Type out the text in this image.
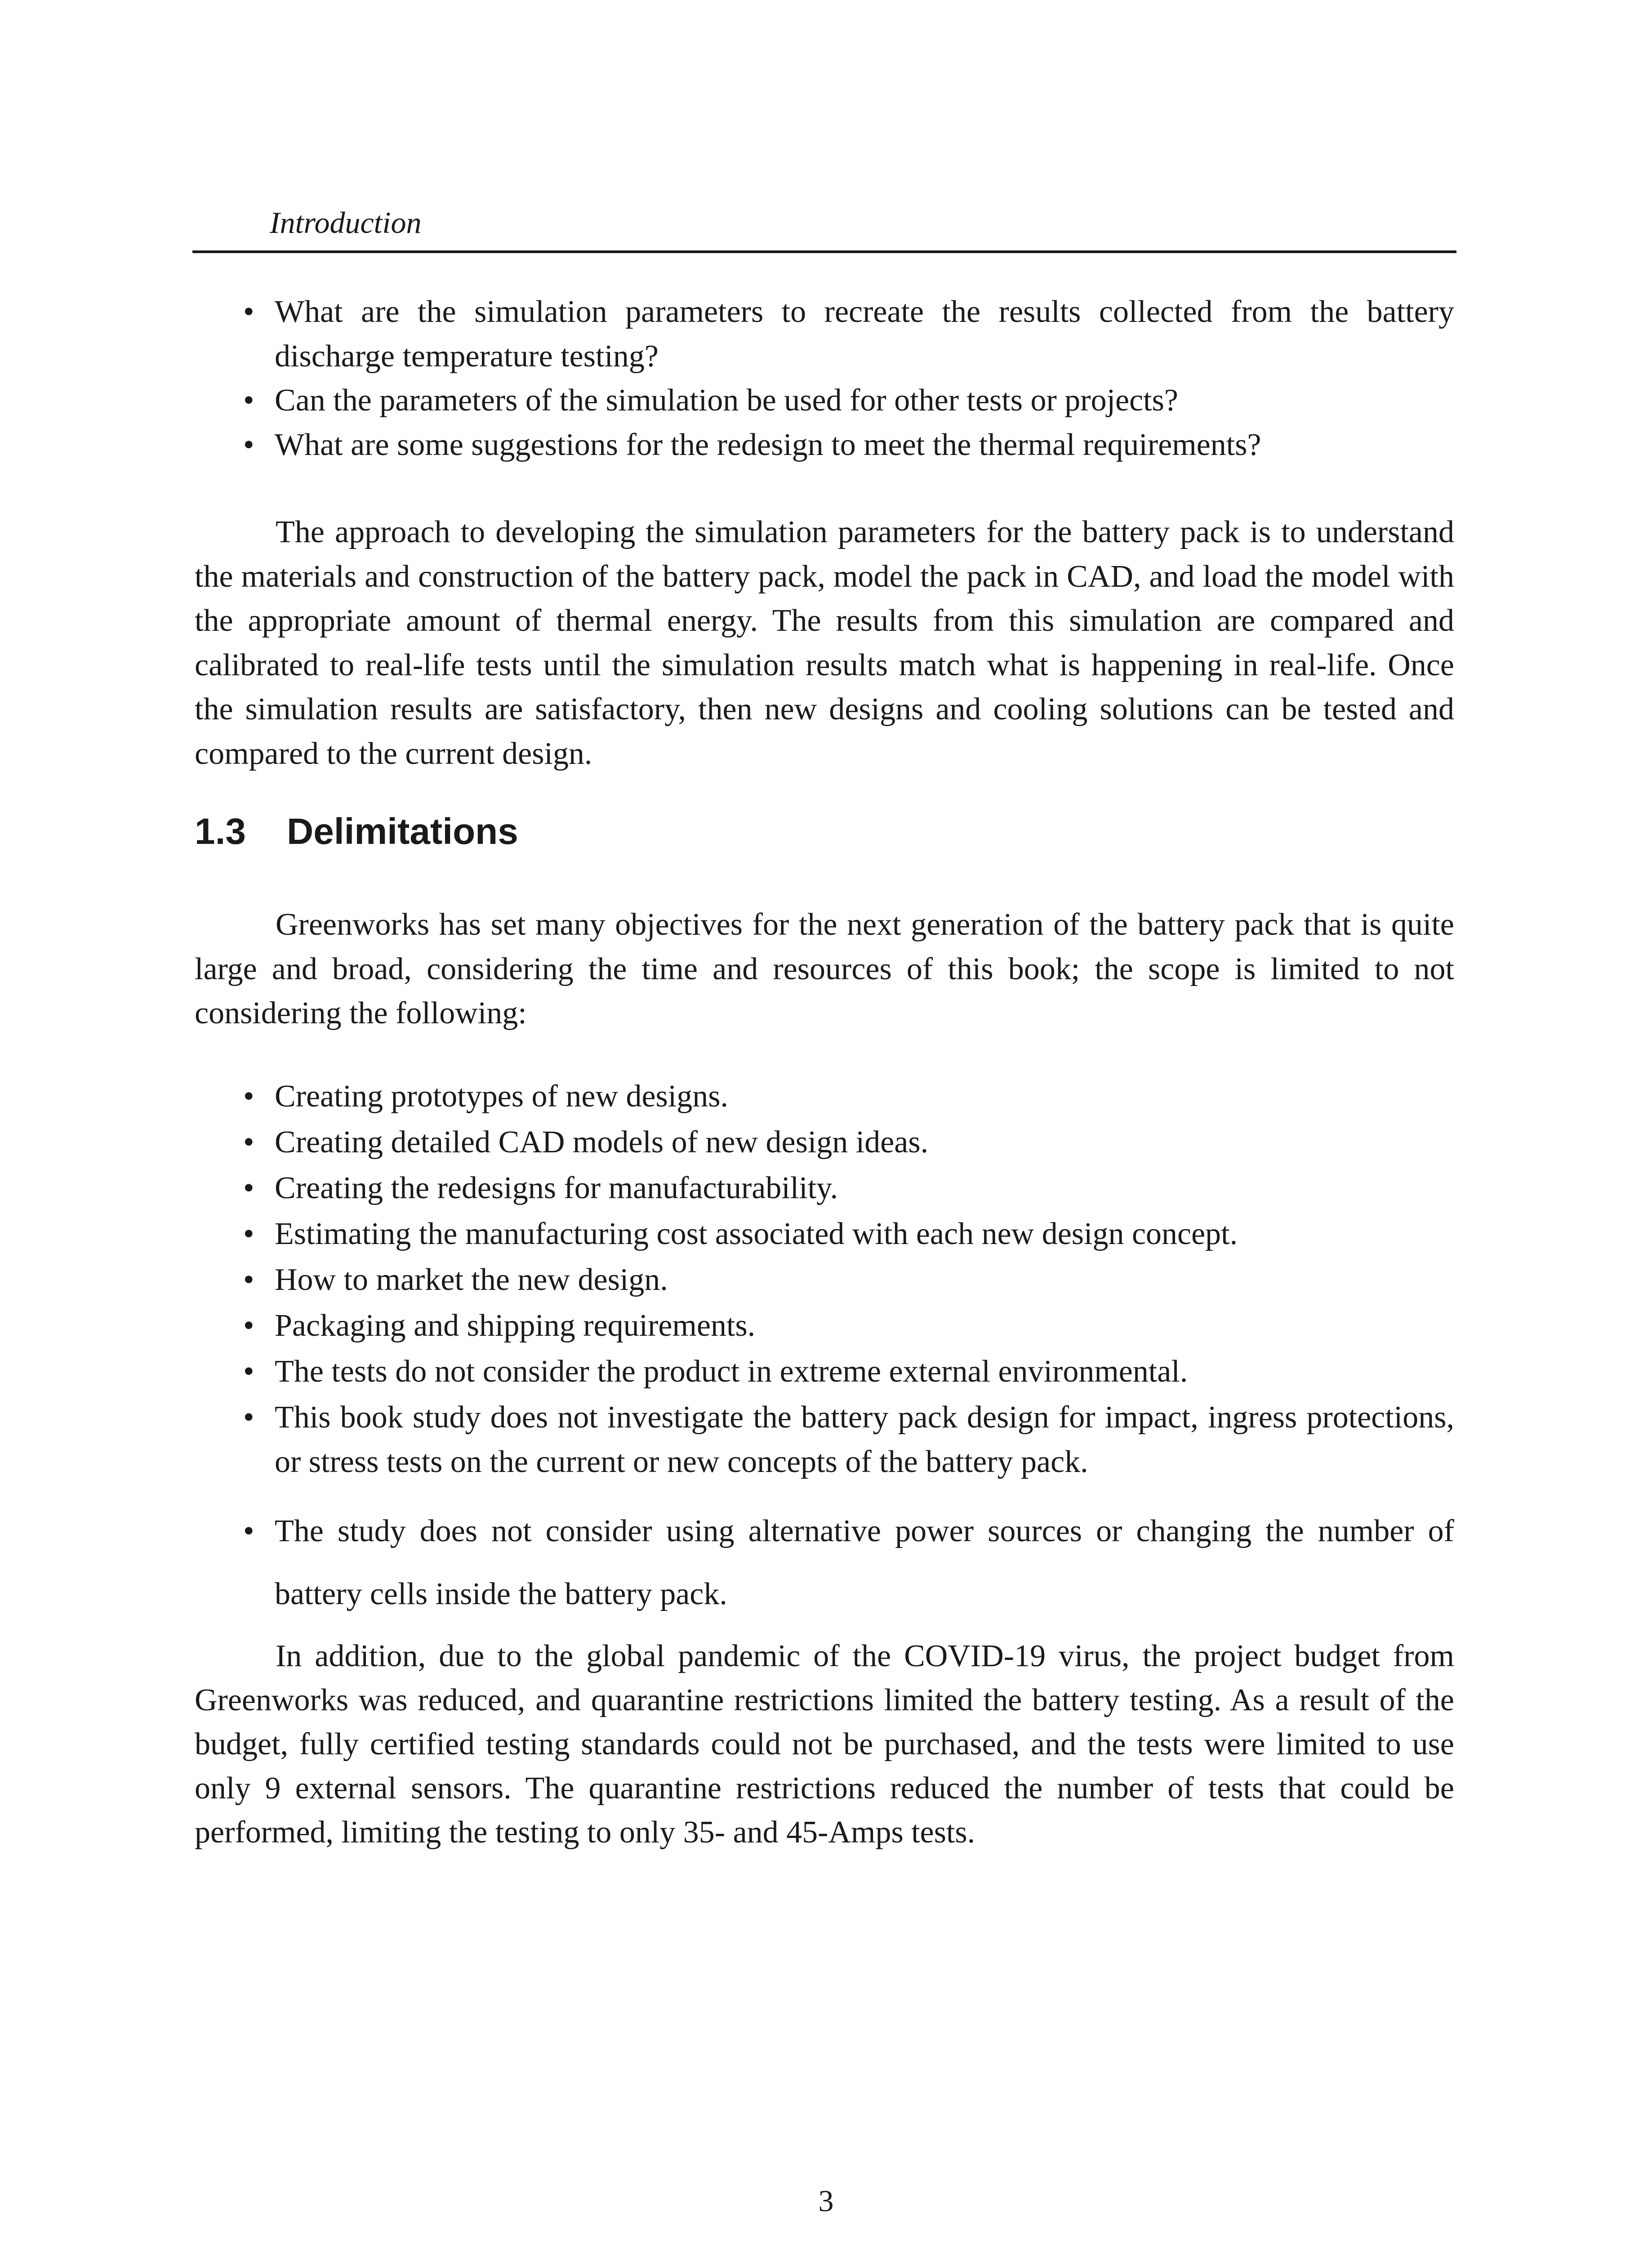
Introduction
• What are the simulation parameters to recreate the results collected from the battery discharge temperature testing?
• Can the parameters of the simulation be used for other tests or projects?
• What are some suggestions for the redesign to meet the thermal requirements?

The approach to developing the simulation parameters for the battery pack is to understand the materials and construction of the battery pack, model the pack in CAD, and load the model with the appropriate amount of thermal energy. The results from this simulation are compared and calibrated to real-life tests until the simulation results match what is happening in real-life. Once the simulation results are satisfactory, then new designs and cooling solutions can be tested and compared to the current design.

1.3 Delimitations

Greenworks has set many objectives for the next generation of the battery pack that is quite large and broad, considering the time and resources of this book; the scope is limited to not considering the following:

• Creating prototypes of new designs.
• Creating detailed CAD models of new design ideas.
• Creating the redesigns for manufacturability.
• Estimating the manufacturing cost associated with each new design concept.
• How to market the new design.
• Packaging and shipping requirements.
• The tests do not consider the product in extreme external environmental.
• This book study does not investigate the battery pack design for impact, ingress protections, or stress tests on the current or new concepts of the battery pack.
• The study does not consider using alternative power sources or changing the number of battery cells inside the battery pack.

In addition, due to the global pandemic of the COVID-19 virus, the project budget from Greenworks was reduced, and quarantine restrictions limited the battery testing. As a result of the budget, fully certified testing standards could not be purchased, and the tests were limited to use only 9 external sensors. The quarantine restrictions reduced the number of tests that could be performed, limiting the testing to only 35- and 45-Amps tests.

3
